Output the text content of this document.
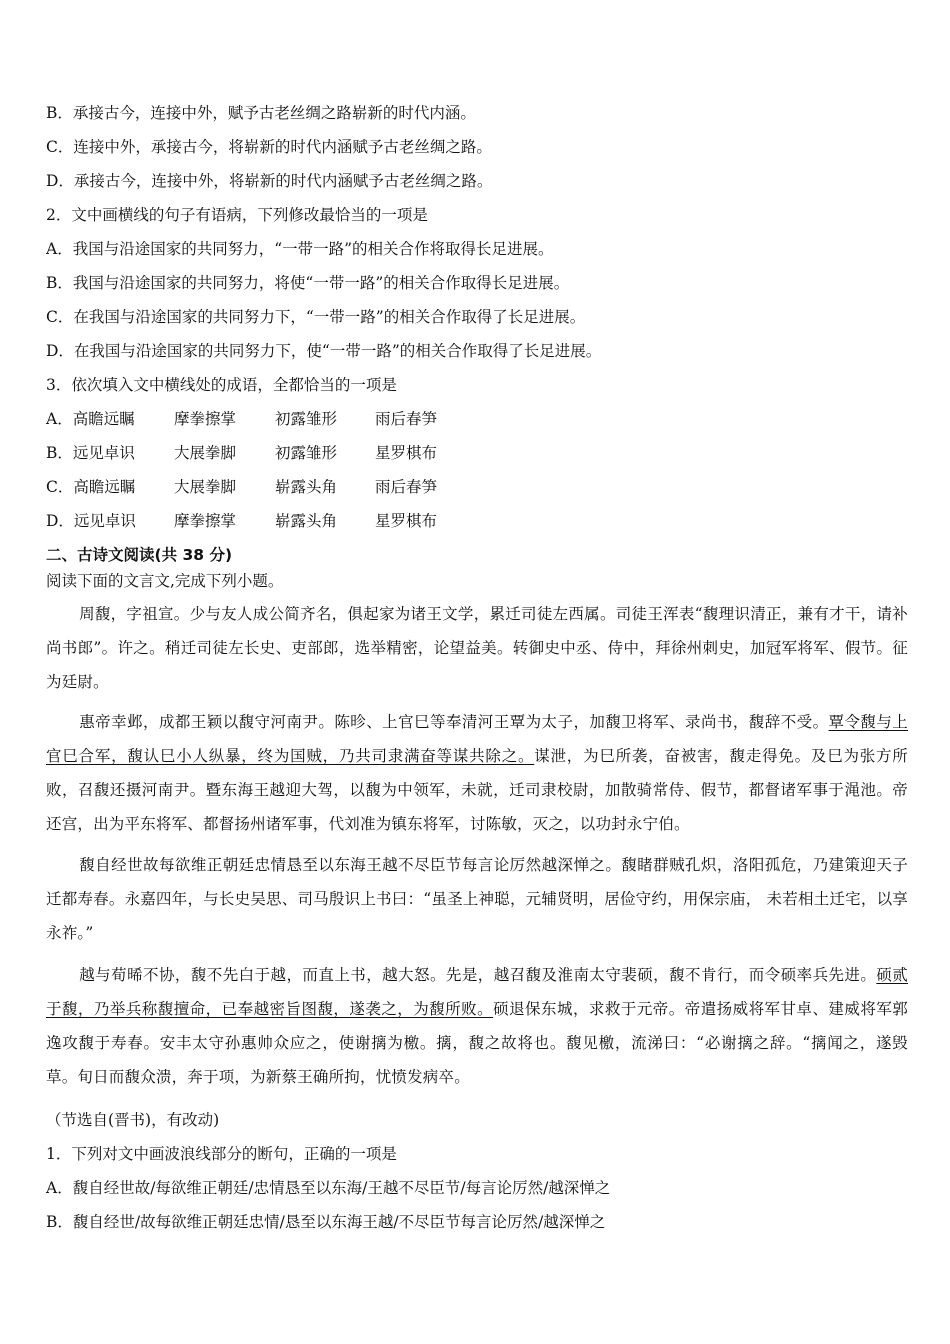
B．承接古今，连接中外，赋予古老丝绸之路崭新的时代内涵。
C．连接中外，承接古今，将崭新的时代内涵赋予古老丝绸之路。
D．承接古今，连接中外，将崭新的时代内涵赋予古老丝绸之路。
2．文中画横线的句子有语病，下列修改最恰当的一项是
A．我国与沿途国家的共同努力，“一带一路”的相关合作将取得长足进展。
B．我国与沿途国家的共同努力，将使“一带一路”的相关合作取得长足进展。
C．在我国与沿途国家的共同努力下，“一带一路”的相关合作取得了长足进展。
D．在我国与沿途国家的共同努力下，使“一带一路”的相关合作取得了长足进展。
3．依次填入文中横线处的成语，全都恰当的一项是
A．高瞻远瞩	摩拳擦掌	初露雏形 雨后春笋
B．远见卓识	大展拳脚	初露雏形 星罗棋布
C．高瞻远瞩 大展拳脚	崭露头角 雨后春笋
D．远见卓识 摩拳擦掌	崭露头角 星罗棋布
二、古诗文阅读(共 38 分)
阅读下面的文言文,完成下列小题。
周馥，字祖宣。少与友人成公简齐名，俱起家为诸王文学，累迁司徒左西属。司徒王浑表“馥理识清正，兼有才干，请补尚书郎”。许之。稍迁司徒左长史、吏部郎，选举精密，论望益美。转御史中丞、侍中，拜徐州刺史，加冠军将军、假节。征为廷尉。
惠帝幸邺，成都王颖以馥守河南尹。陈昣、上官巳等奉清河王覃为太子，加馥卫将军、录尚书，馥辞不受。覃令馥与上官巳合军，馥认巳小人纵暴，终为国贼，乃共司隶满奋等谋共除之。谋泄，为巳所袭，奋被害，馥走得免。及巳为张方所败，召馥还摄河南尹。暨东海王越迎大驾，以馥为中领军，未就，迁司隶校尉，加散骑常侍、假节，都督诸军事于渑池。帝还宫，出为平东将军、都督扬州诸军事，代刘准为镇东将军，讨陈敏，灭之，以功封永宁伯。
馥自经世故每欲维正朝廷忠情恳至以东海王越不尽臣节每言论厉然越深惮之。馥睹群贼孔炽，洛阳孤危，乃建策迎天子迁都寿春。永嘉四年，与长史吴思、司马殷识上书曰：“虽圣上神聪，元辅贤明，居俭守约，用保宗庙， 未若相土迁宅，以享永祚。”
越与荀晞不协，馥不先白于越，而直上书，越大怒。先是，越召馥及淮南太守裴硕，馥不肯行，而令硕率兵先进。硕贰于馥，乃举兵称馥擅命，已奉越密旨图馥，遂袭之，为馥所败。硕退保东城，求救于元帝。帝遣扬威将军甘卓、建威将军郭逸攻馥于寿春。安丰太守孙惠帅众应之，使谢摛为檄。摛，馥之故将也。馥见檄，流涕曰：“必谢摛之辞。“摛闻之，遂毁草。旬日而馥众溃，奔于项，为新蔡王确所拘，忧愤发病卒。
（节选自(晋书)，有改动)
1．下列对文中画波浪线部分的断句，正确的一项是
A．馥自经世故/每欲维正朝廷/忠情恳至以东海/王越不尽臣节/每言论厉然/越深惮之
B．馥自经世/故每欲维正朝廷忠情/恳至以东海王越/不尽臣节每言论厉然/越深惮之
